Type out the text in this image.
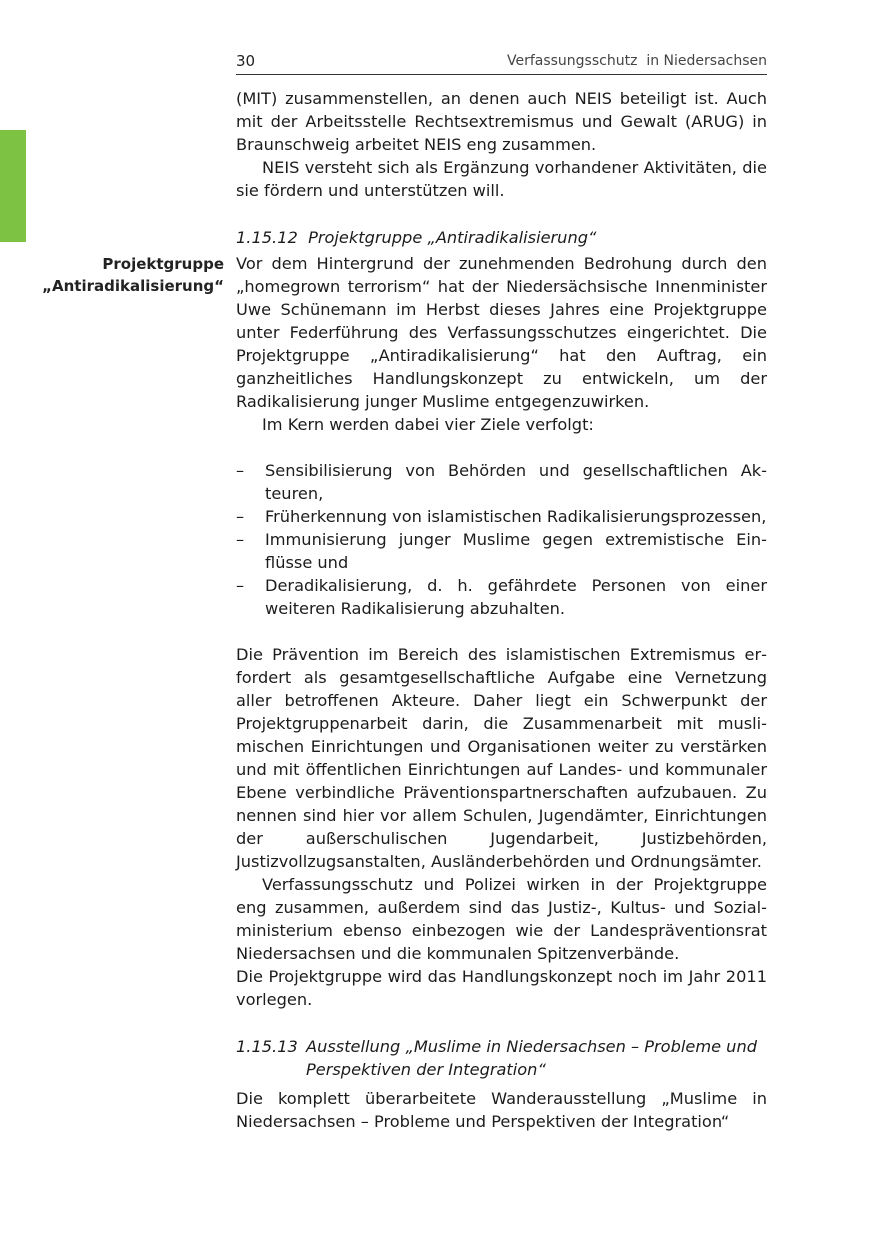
30	Verfassungsschutz  in Niedersachsen
Projektgruppe
„Antiradikalisierung“

(MIT) zusammenstellen, an denen auch NEIS beteiligt ist. Auch mit der Arbeitsstelle Rechtsextremismus und Gewalt (ARUG) in Braunschweig arbeitet NEIS eng zusammen.

NEIS versteht sich als Ergänzung vorhandener Aktivitäten, die sie fördern und unterstützen will.

1.15.12 Projektgruppe „Antiradikalisierung“

Vor dem Hintergrund der zunehmenden Bedrohung durch den „homegrown terrorism“ hat der Niedersächsische Innenminister Uwe Schünemann im Herbst dieses Jahres eine Projektgruppe unter Federführung des Verfassungsschutzes eingerichtet. Die Projektgruppe „Antiradikalisierung“ hat den Auftrag, ein ganzheitliches Handlungskonzept zu entwickeln, um der Radikalisierung junger Muslime entgegenzuwirken.

Im Kern werden dabei vier Ziele verfolgt:

– Sensibilisierung von Behörden und gesellschaftlichen Akteuren,
– Früherkennung von islamistischen Radikalisierungsprozessen,
– Immunisierung junger Muslime gegen extremistische Einflüsse und
– Deradikalisierung, d. h. gefährdete Personen von einer weiteren Radikalisierung abzuhalten.

Die Prävention im Bereich des islamistischen Extremismus erfordert als gesamtgesellschaftliche Aufgabe eine Vernetzung aller betroffenen Akteure. Daher liegt ein Schwerpunkt der Projektgruppenarbeit darin, die Zusammenarbeit mit muslimischen Einrichtungen und Organisationen weiter zu verstärken und mit öffentlichen Einrichtungen auf Landes- und kommunaler Ebene verbindliche Präventionspartnerschaften aufzubauen. Zu nennen sind hier vor allem Schulen, Jugendämter, Einrichtungen der außerschulischen Jugendarbeit, Justizbehörden, Justizvollzugsanstalten, Ausländerbehörden und Ordnungsämter.

Verfassungsschutz und Polizei wirken in der Projektgruppe eng zusammen, außerdem sind das Justiz-, Kultus- und Sozialministerium ebenso einbezogen wie der Landespräventionsrat Niedersachsen und die kommunalen Spitzenverbände.

Die Projektgruppe wird das Handlungskonzept noch im Jahr 2011 vorlegen.

1.15.13 Ausstellung „Muslime in Niedersachsen – Probleme und Perspektiven der Integration“

Die komplett überarbeitete Wanderausstellung „Muslime in Niedersachsen – Probleme und Perspektiven der Integration“
